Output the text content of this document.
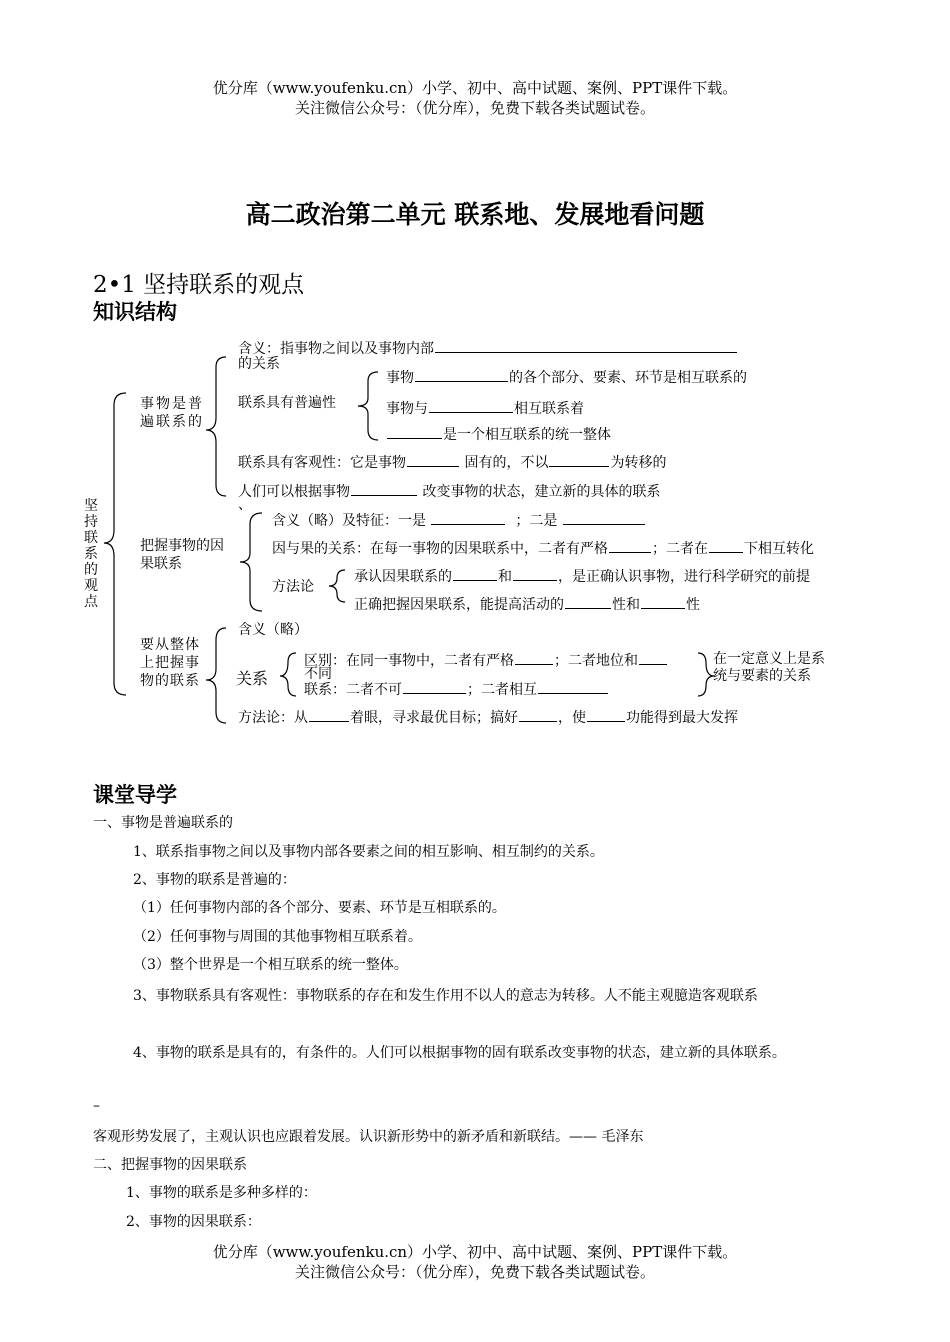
优分库（www.youfenku.cn）小学、初中、高中试题、案例、PPT课件下载。
关注微信公众号：（优分库），免费下载各类试题试卷。
高二政治第二单元 联系地、发展地看问题
2•1 坚持联系的观点
知识结构
坚持联系的观点
事物是普遍联系的
含义：指事物之间以及事物内部
的关系
联系具有普遍性
事物	的各个部分、要素、环节是相互联系的
事物与	相互联系着
是一个相互联系的统一整体
联系具有客观性：它是事物	固有的，不以	为转移的
人们可以根据事物	改变事物的状态，建立新的具体的联系
、
把握事物的因果联系
含义（略）及特征：一是	；二是
因与果的关系：在每一事物的因果联系中，二者有严格	；二者在	下相互转化
方法论
承认因果联系的	和	，是正确认识事物，进行科学研究的前提
正确把握因果联系，能提高活动的	性和	性
要从整体上把握事物的联系
含义（略）
关系
区别：在同一事物中，二者有严格	；二者地位和
不同
联系：二者不可	；二者相互
在一定意义上是系统与要素的关系
方法论：从	着眼，寻求最优目标；搞好	，使	功能得到最大发挥
课堂导学
一、事物是普遍联系的
1、联系指事物之间以及事物内部各要素之间的相互影响、相互制约的关系。
2、事物的联系是普遍的：
（1）任何事物内部的各个部分、要素、环节是互相联系的。
（2）任何事物与周围的其他事物相互联系着。
（3）整个世界是一个相互联系的统一整体。
3、事物联系具有客观性：事物联系的存在和发生作用不以人的意志为转移。人不能主观臆造客观联系
4、事物的联系是具有的，有条件的。人们可以根据事物的固有联系改变事物的状态，建立新的具体联系。
–
客观形势发展了，主观认识也应跟着发展。认识新形势中的新矛盾和新联结。—— 毛泽东
二、把握事物的因果联系
1、事物的联系是多种多样的：
2、事物的因果联系：
优分库（www.youfenku.cn）小学、初中、高中试题、案例、PPT课件下载。
关注微信公众号：（优分库），免费下载各类试题试卷。
